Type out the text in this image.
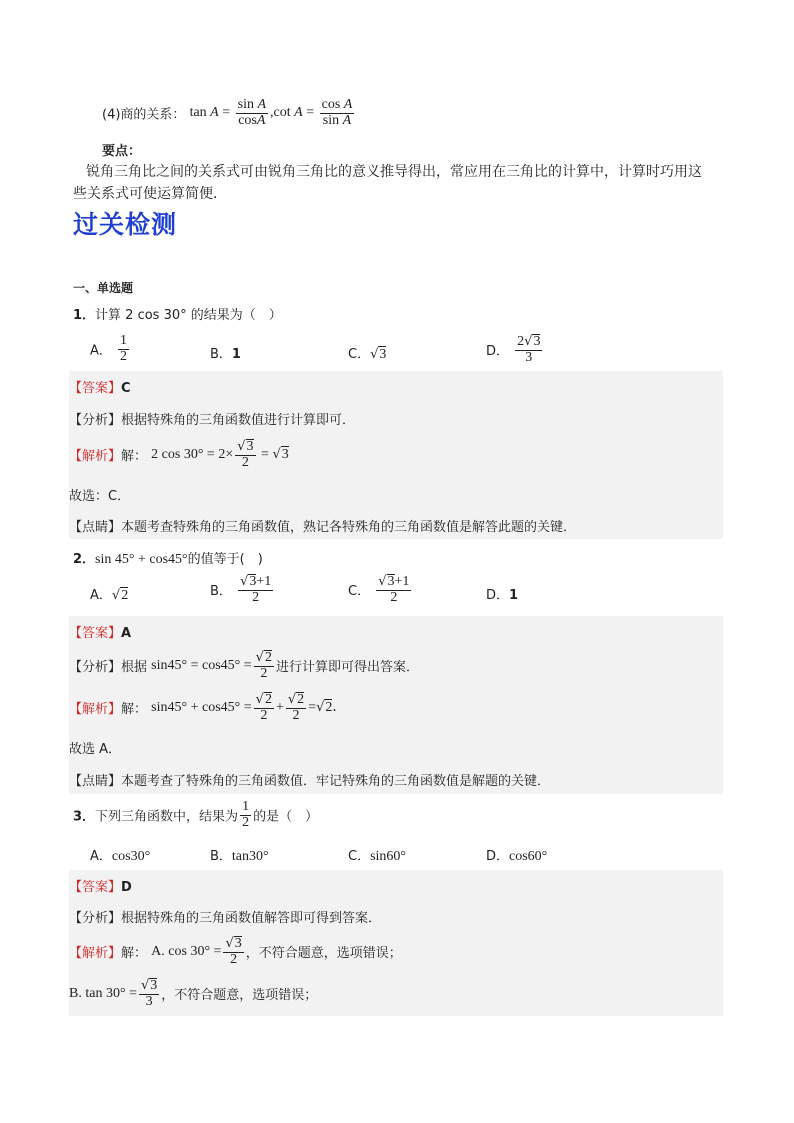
(4)商的关系： $\tan A = \frac{\text{sin A}}{\cos A} ,\cot$ $A = \frac{\text{cos A}}{\text{sin A}}$
要点：
锐角三角比之间的关系式可由锐角三角比的意义推导得出，常应用在三角比的计算中，计算时巧用这
些关系式可使运算简便．
过关检测
一、单选题
1．计算 2 cos 30° 的结果为（　）
A． $\frac{1}{2}$	B．1	C．√3	D． $\frac{2√3}{3}$
【答案】C
【分析】根据特殊角的三角函数值进行计算即可．
【解析】解： 2 $\cos 30^\circ = 2\times \frac{√3}{2} = √3$
故选：C．
【点睛】本题考查特殊角的三角函数值，熟记各特殊角的三角函数值是解答此题的关键．
2．sin 45° + cos45°的值等于(　)
A．√2	B． $\frac{√3+1}{2}$	C． $\frac{√3+1}{2}$	D．1
【答案】A
【分析】根据 $\sin 45^\circ = \cos 45^\circ = \frac{√2}{2}$ 进行计算即可得出答案．
【解析】解： $\sin 45^\circ + \cos 45^\circ = \frac{√2}{2} + \frac{√2}{2} =√2$．
故选 A．
【点睛】本题考查了特殊角的三角函数值．牢记特殊角的三角函数值是解题的关键．
3．下列三角函数中，结果为 $\frac{1}{2}$ 的是（　）
A．cos30°	B．tan30°	C．sin60°	D．cos60°
【答案】D
【分析】根据特殊角的三角函数值解答即可得到答案．
【解析】解： A. $\cos 30^\circ = \frac{√3}{2}$ ，不符合题意，选项错误；
B. $\tan 30^\circ = \frac{√3}{3}$ ，不符合题意，选项错误；
